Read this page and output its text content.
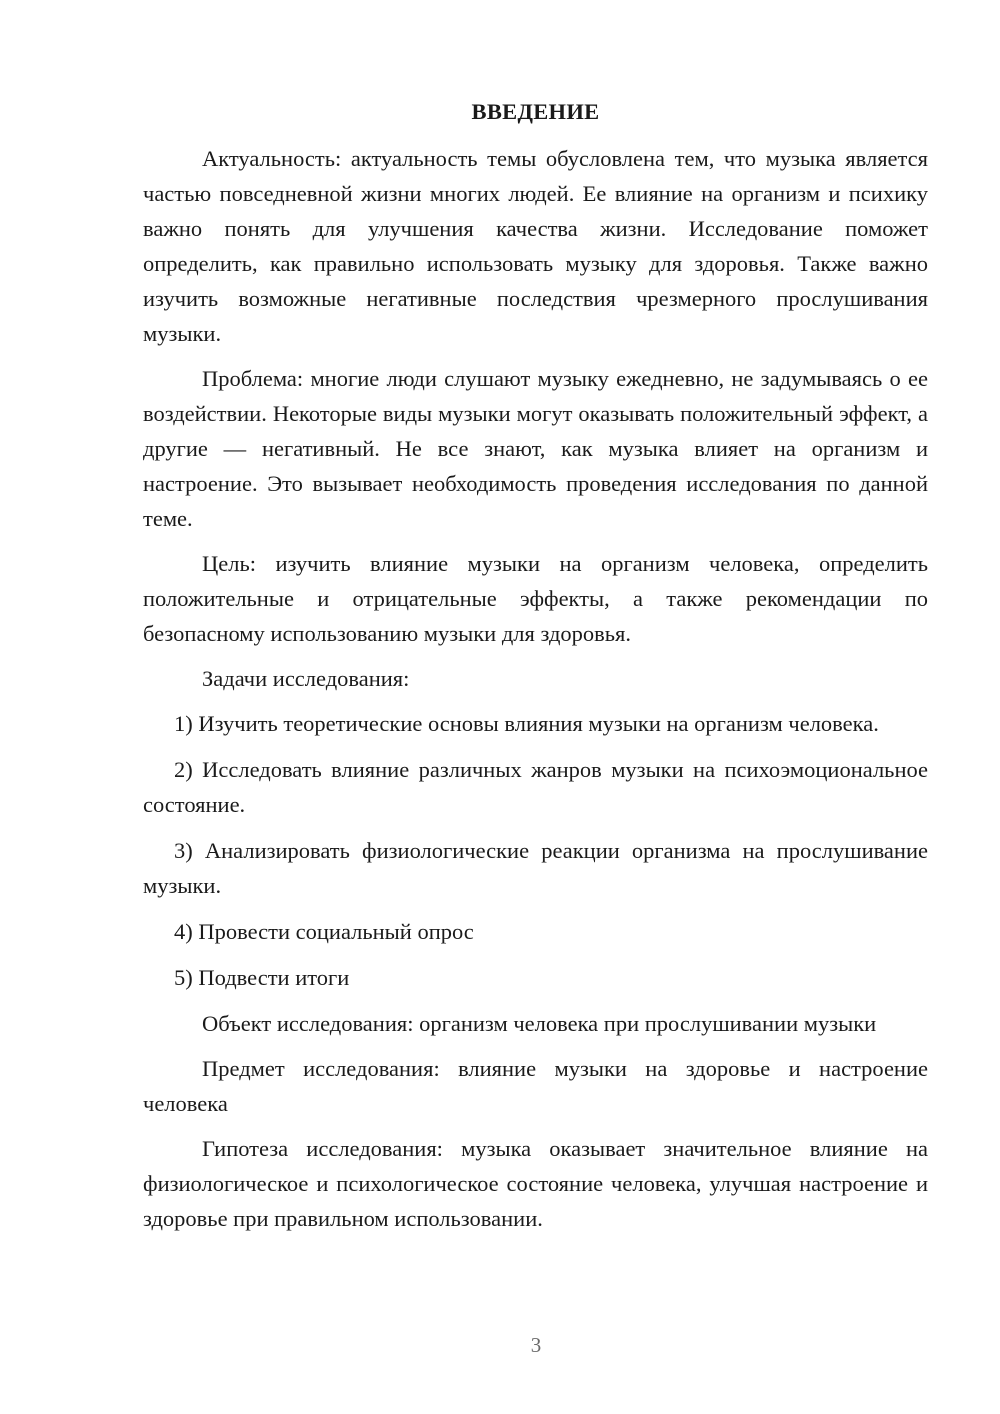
ВВЕДЕНИЕ

Актуальность: актуальность темы обусловлена тем, что музыка является частью повседневной жизни многих людей. Ее влияние на организм и психику важно понять для улучшения качества жизни. Исследование поможет определить, как правильно использовать музыку для здоровья. Также важно изучить возможные негативные последствия чрезмерного прослушивания музыки.

Проблема: многие люди слушают музыку ежедневно, не задумываясь о ее воздействии. Некоторые виды музыки могут оказывать положительный эффект, а другие — негативный. Не все знают, как музыка влияет на организм и настроение. Это вызывает необходимость проведения исследования по данной теме.

Цель: изучить влияние музыки на организм человека, определить положительные и отрицательные эффекты, а также рекомендации по безопасному использованию музыки для здоровья.

Задачи исследования:

1) Изучить теоретические основы влияния музыки на организм человека.

2) Исследовать влияние различных жанров музыки на психоэмоциональное состояние.

3) Анализировать физиологические реакции организма на прослушивание музыки.

4) Провести социальный опрос

5) Подвести итоги

Объект исследования: организм человека при прослушивании музыки

Предмет исследования: влияние музыки на здоровье и настроение человека

Гипотеза исследования: музыка оказывает значительное влияние на физиологическое и психологическое состояние человека, улучшая настроение и здоровье при правильном использовании.

3
